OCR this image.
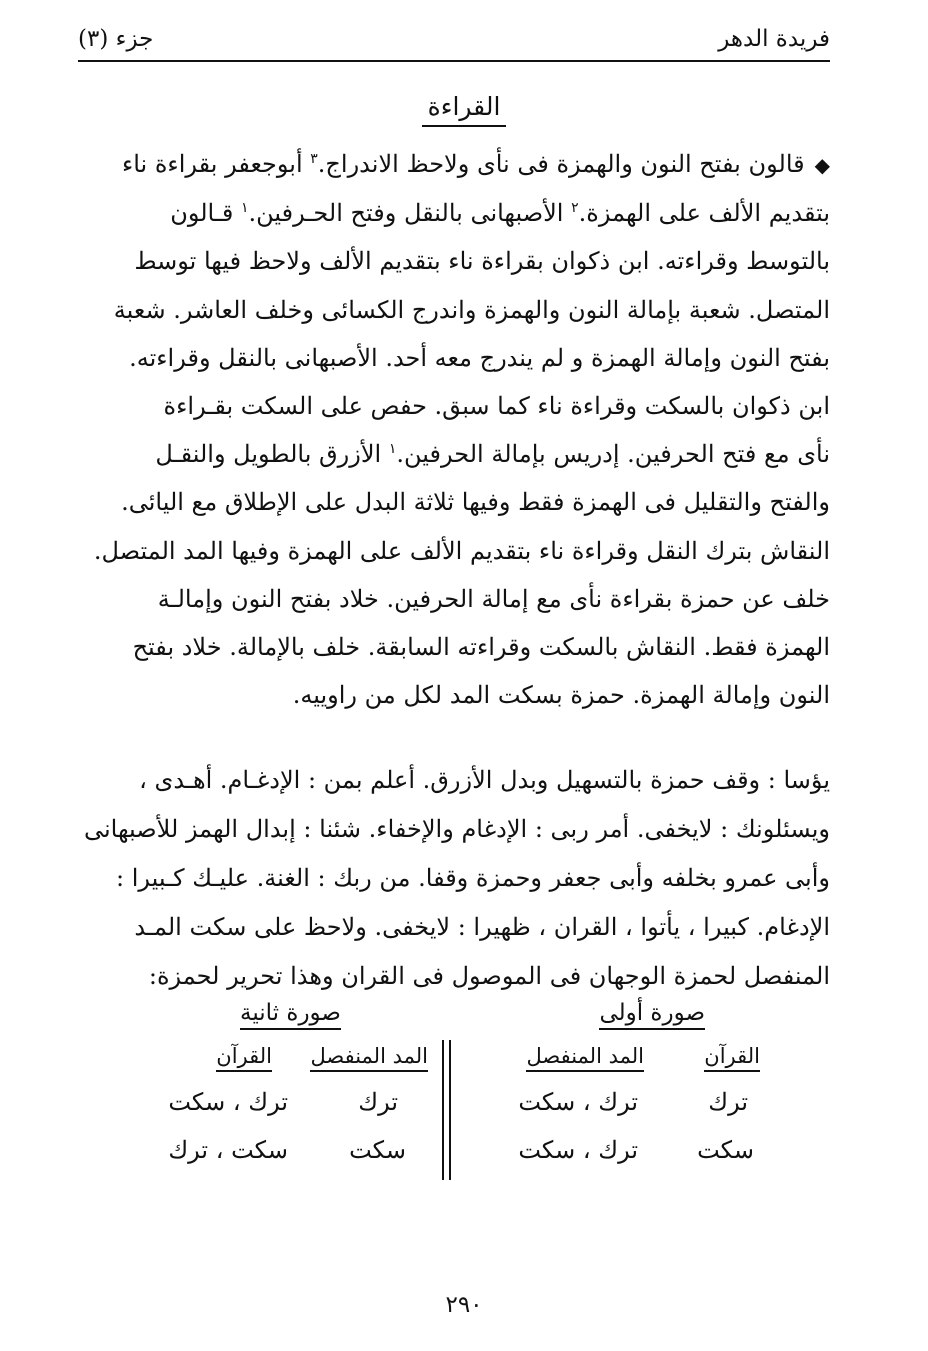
فريدة الدهر
جزء (٣)
القراءة
◆قالون بفتح النون والهمزة فى نأى ولاحظ الاندراج.$^٣$ أبوجعفر بقراءة ناء
بتقديم الألف على الهمزة.$^٢$ الأصبهانى بالنقل وفتح الحـرفين.$^١$ قـالون
بالتوسط وقراءته. ابن ذكوان بقراءة ناء بتقديم الألف ولاحظ فيها توسط
المتصل. شعبة بإمالة النون والهمزة واندرج الكسائى وخلف العاشر. شعبة
بفتح النون وإمالة الهمزة و لم يندرج معه أحد. الأصبهانى بالنقل وقراءته.
ابن ذكوان بالسكت وقراءة ناء كما سبق. حفص على السكت بقـراءة
نأى مع فتح الحرفين. إدريس بإمالة الحرفين.$^١$ الأزرق بالطويل والنقـل
والفتح والتقليل فى الهمزة فقط وفيها ثلاثة البدل على الإطلاق مع اليائى.
النقاش بترك النقل وقراءة ناء بتقديم الألف على الهمزة وفيها المد المتصل.
خلف عن حمزة بقراءة نأى مع إمالة الحرفين. خلاد بفتح النون وإمالـة
الهمزة فقط. النقاش بالسكت وقراءته السابقة. خلف بالإمالة. خلاد بفتح
النون وإمالة الهمزة. حمزة بسكت المد لكل من راوييه.
يؤسا : وقف حمزة بالتسهيل وبدل الأزرق. أعلم بمن : الإدغـام. أهـدى ،
ويسئلونك : لايخفى. أمر ربى : الإدغام والإخفاء. شئنا : إبدال الهمز للأصبهانى
وأبى عمرو بخلفه وأبى جعفر وحمزة وقفا. من ربك : الغنة. عليـك كـبيرا :
الإدغام. كبيرا ، يأتوا ، القران ، ظهيرا : لايخفى. ولاحظ على سكت المـد
المنفصل لحمزة الوجهان فى الموصول فى القران وهذا تحرير لحمزة:
صورة أولى
صورة ثانية
القرآن
المد المنفصل
ترك
ترك ، سكت
سكت
ترك ، سكت
المد المنفصل
القرآن
ترك
ترك ، سكت
سكت
سكت ، ترك
٢٩٠
